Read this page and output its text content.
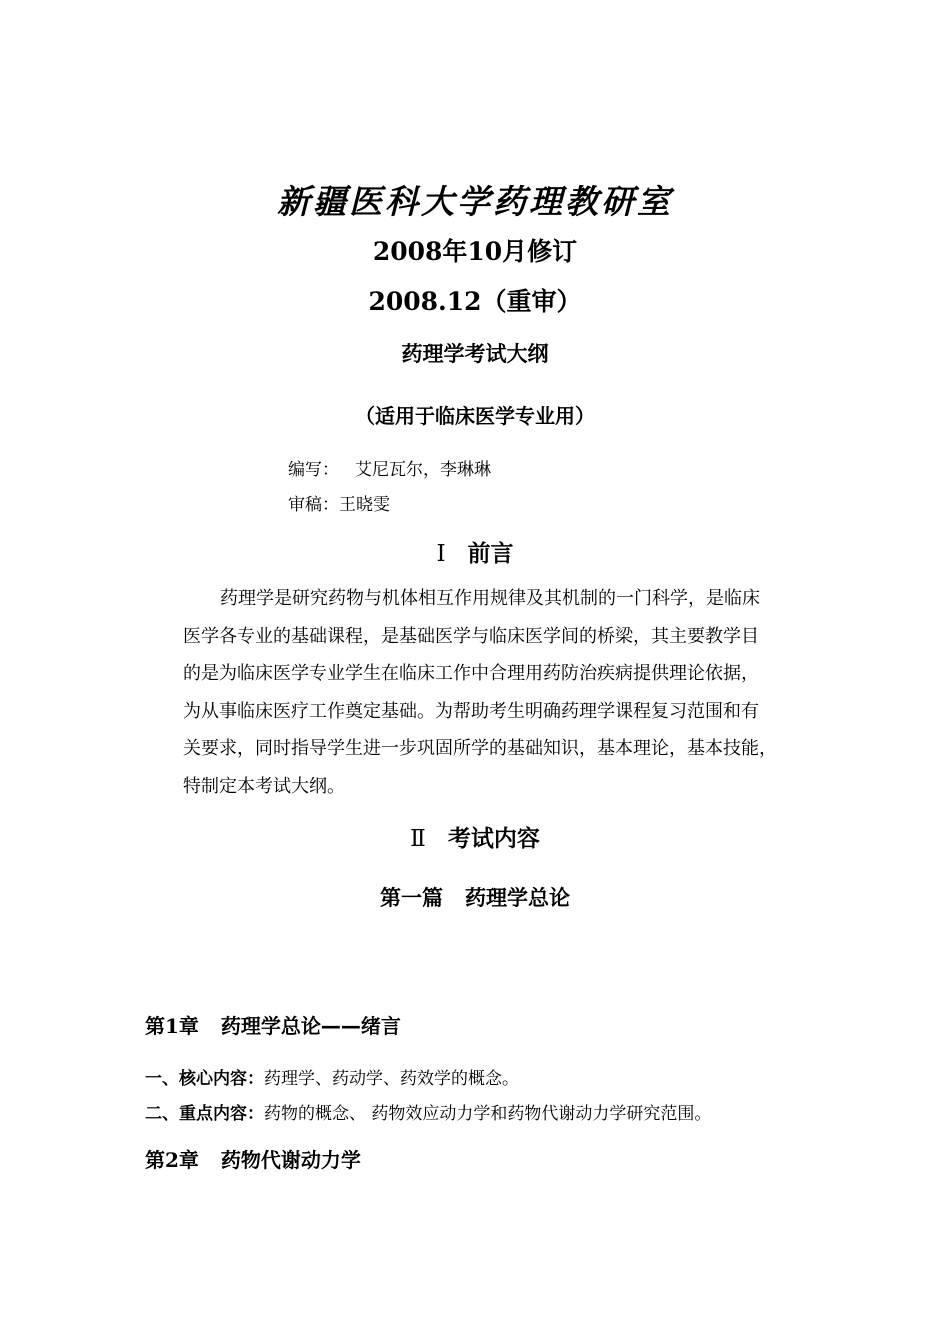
新疆医科大学药理教研室
2008年10月修订
2008.12（重审）
药理学考试大纲
（适用于临床医学专业用）
编写： 艾尼瓦尔，李琳琳
审稿：王晓雯
Ⅰ 前言
药理学是研究药物与机体相互作用规律及其机制的一门科学，是临床
医学各专业的基础课程，是基础医学与临床医学间的桥梁，其主要教学目
的是为临床医学专业学生在临床工作中合理用药防治疾病提供理论依据，
为从事临床医疗工作奠定基础。为帮助考生明确药理学课程复习范围和有
关要求，同时指导学生进一步巩固所学的基础知识，基本理论，基本技能，
特制定本考试大纲。
Ⅱ 考试内容
第一篇 药理学总论
第1章 药理学总论——绪言
一、核心内容：药理学、药动学、药效学的概念。
二、重点内容：药物的概念、 药物效应动力学和药物代谢动力学研究范围。
第2章 药物代谢动力学
